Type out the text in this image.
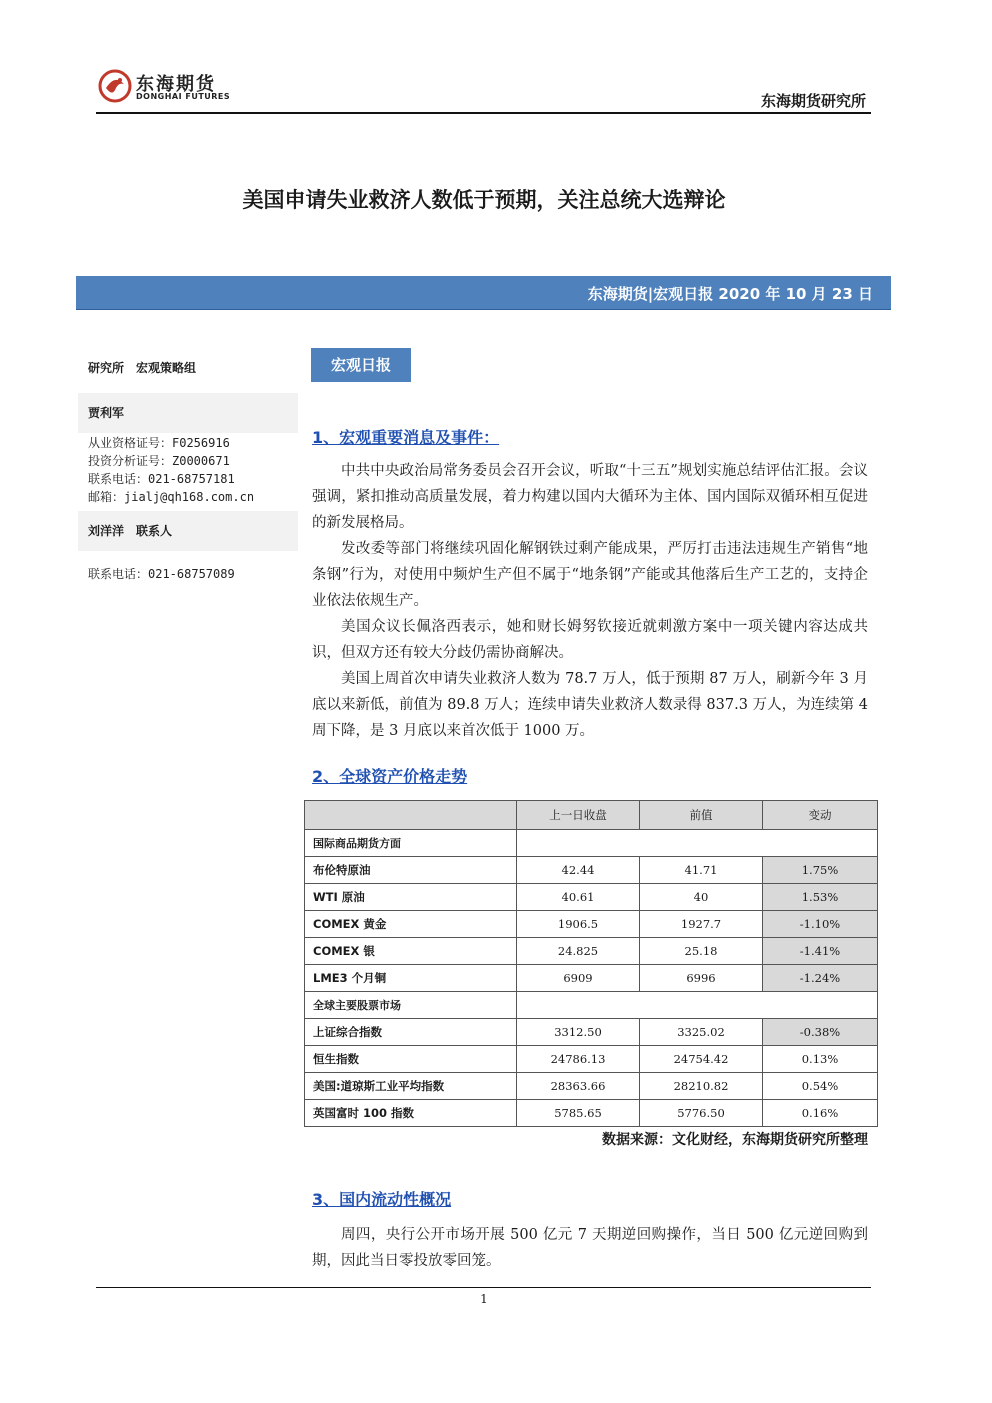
东海期货
DONGHAI FUTURES	东海期货研究所
美国申请失业救济人数低于预期，关注总统大选辩论
东海期货|宏观日报 2020 年 10 月 23 日
研究所　宏观策略组
贾利军
从业资格证号：F0256916
投资分析证号：Z0000671
联系电话：021-68757181
邮箱：jialj@qh168.com.cn
刘洋洋　联系人
联系电话：021-68757089
宏观日报
1、宏观重要消息及事件：
中共中央政治局常务委员会召开会议，听取“十三五”规划实施总结评估汇报。会议强调，紧扣推动高质量发展，着力构建以国内大循环为主体、国内国际双循环相互促进的新发展格局。
发改委等部门将继续巩固化解钢铁过剩产能成果，严厉打击违法违规生产销售“地条钢”行为，对使用中频炉生产但不属于“地条钢”产能或其他落后生产工艺的，支持企业依法依规生产。
美国众议长佩洛西表示，她和财长姆努钦接近就刺激方案中一项关键内容达成共识，但双方还有较大分歧仍需协商解决。
美国上周首次申请失业救济人数为 78.7 万人，低于预期 87 万人，刷新今年 3 月底以来新低，前值为 89.8 万人；连续申请失业救济人数录得 837.3 万人，为连续第 4 周下降，是 3 月底以来首次低于 1000 万。
2、全球资产价格走势
	上一日收盘	前值	变动
国际商品期货方面			
布伦特原油	42.44	41.71	1.75%
WTI 原油	40.61	40	1.53%
COMEX 黄金	1906.5	1927.7	-1.10%
COMEX 银	24.825	25.18	-1.41%
LME3 个月铜	6909	6996	-1.24%
全球主要股票市场			
上证综合指数	3312.50	3325.02	-0.38%
恒生指数	24786.13	24754.42	0.13%
美国:道琼斯工业平均指数	28363.66	28210.82	0.54%
英国富时 100 指数	5785.65	5776.50	0.16%
数据来源：文化财经，东海期货研究所整理
3、国内流动性概况
周四，央行公开市场开展 500 亿元 7 天期逆回购操作，当日 500 亿元逆回购到期，因此当日零投放零回笼。
1
